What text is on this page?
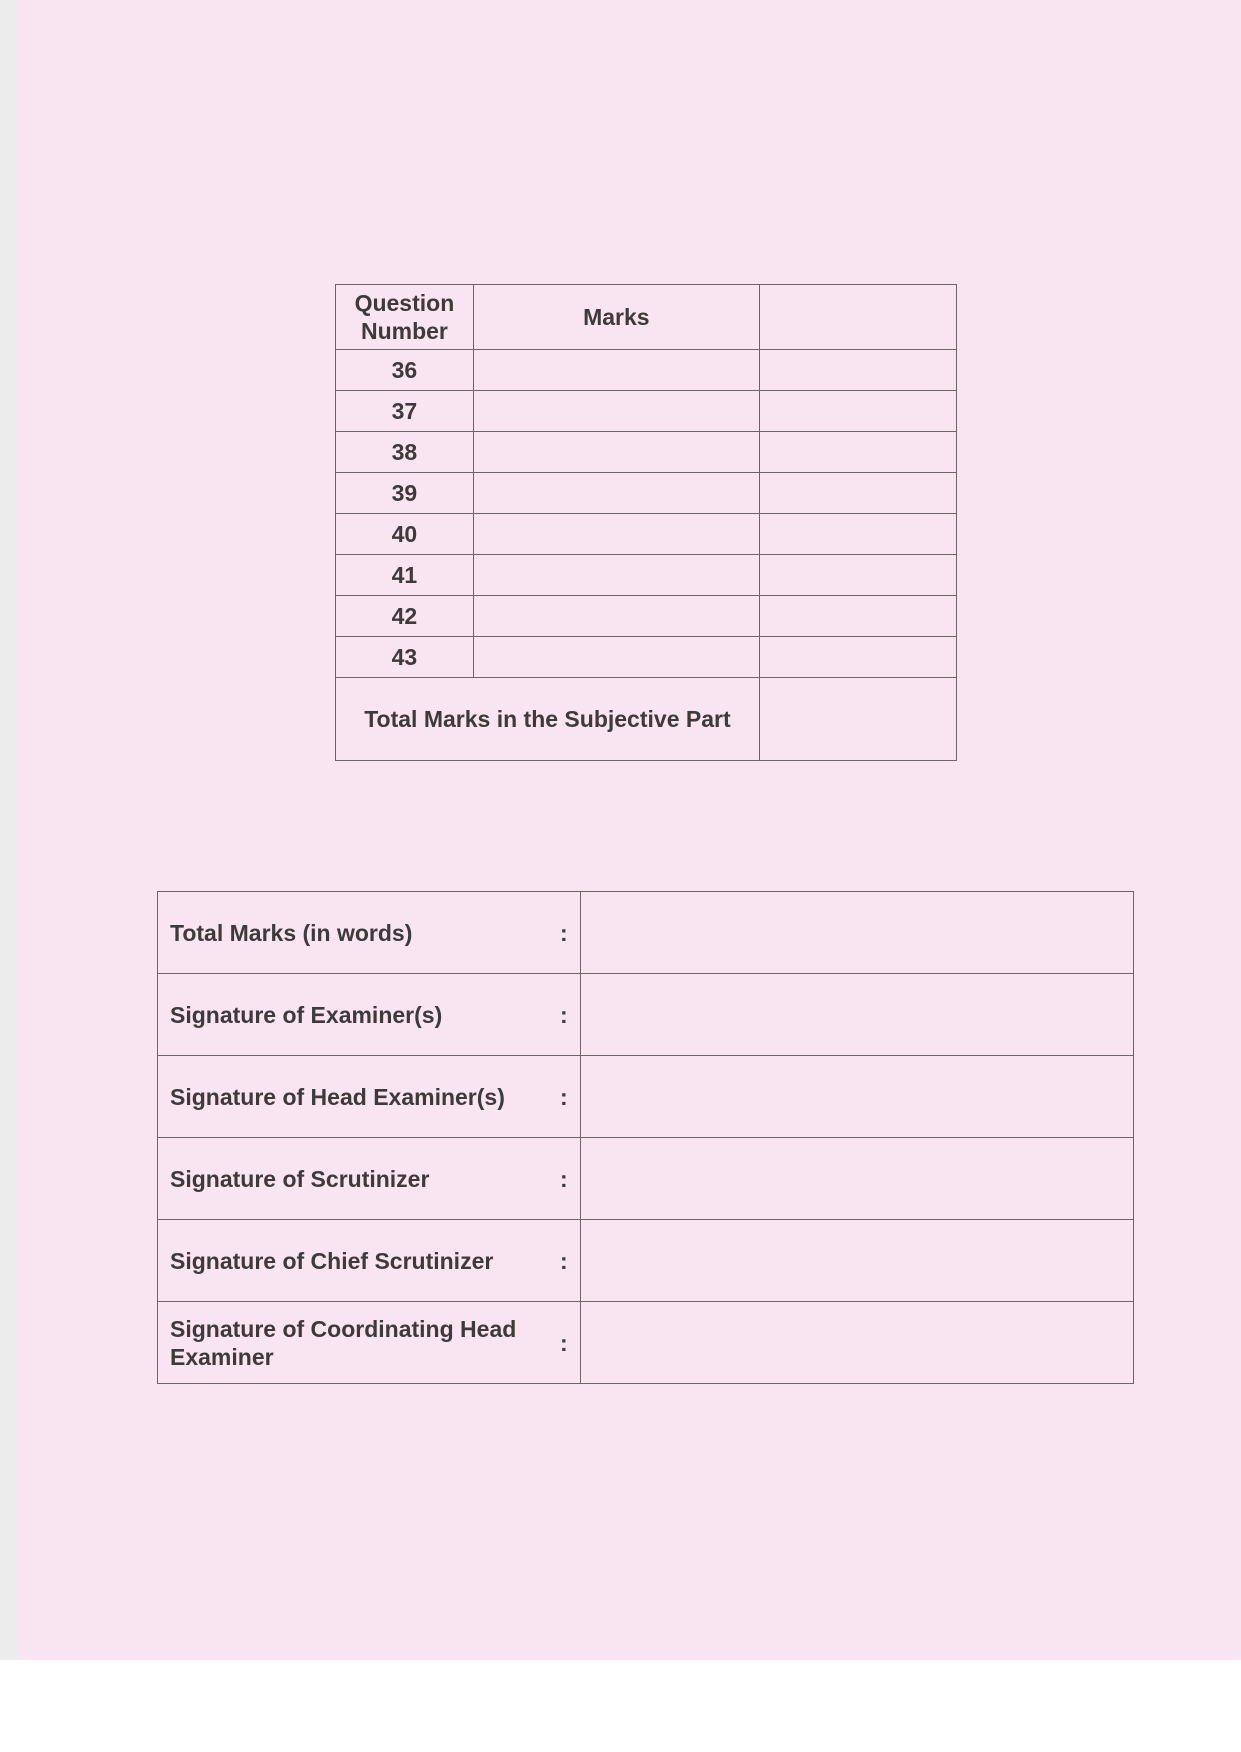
Question Number	Marks	
36		
37		
38		
39		
40		
41		
42		
43		
Total Marks in the Subjective Part		
Total Marks (in words) :	

Signature of Examiner(s) :	

Signature of Head Examiner(s) :	

Signature of Scrutinizer :	

Signature of Chief Scrutinizer :	

Signature of Coordinating Head Examiner
:	
